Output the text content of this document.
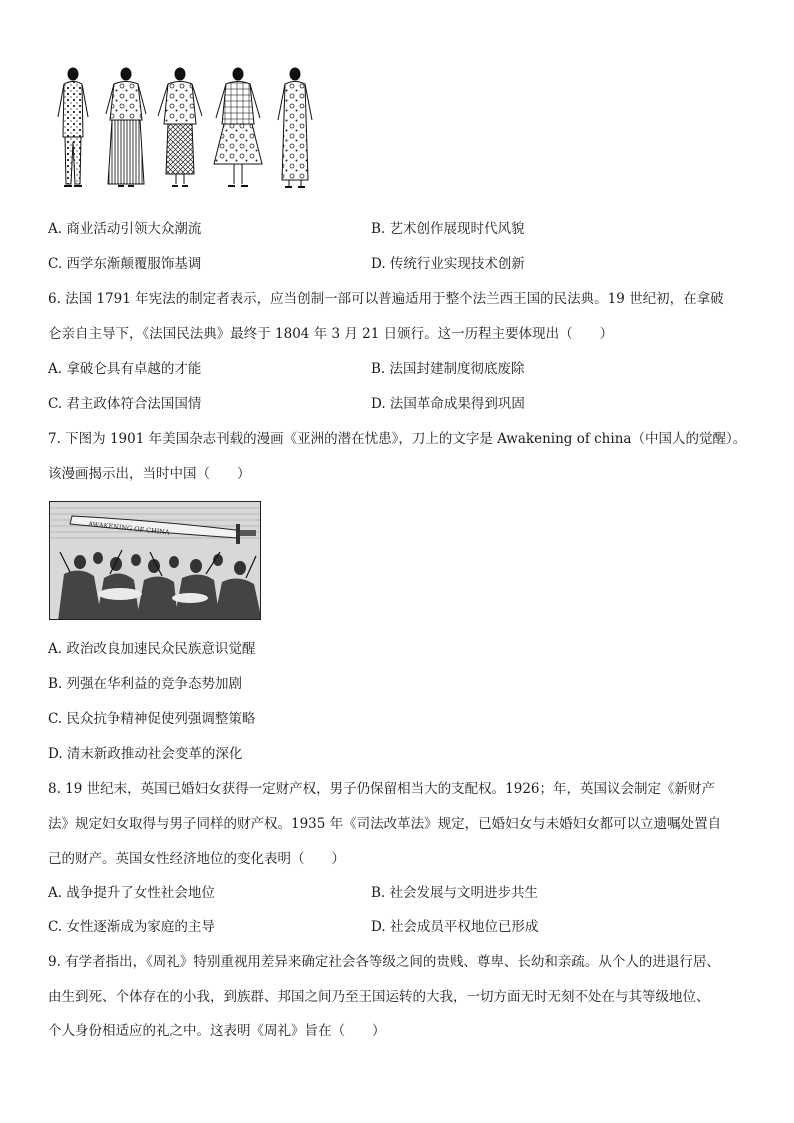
A. 商业活动引领大众潮流	B. 艺术创作展现时代风貌
C. 西学东渐颠覆服饰基调	D. 传统行业实现技术创新
6. 法国 1791 年宪法的制定者表示，应当创制一部可以普遍适用于整个法兰西王国的民法典。19 世纪初，在拿破
仑亲自主导下，《法国民法典》最终于 1804 年 3 月 21 日颁行。这一历程主要体现出（　　）
A. 拿破仑具有卓越的才能	B. 法国封建制度彻底废除
C. 君主政体符合法国国情	D. 法国革命成果得到巩固
7. 下图为 1901 年美国杂志刊载的漫画《亚洲的潜在忧患》，刀上的文字是 Awakening of china（中国人的觉醒）。
该漫画揭示出，当时中国（　　）
AWAKENING OF CHINA
A. 政治改良加速民众民族意识觉醒
B. 列强在华利益的竞争态势加剧
C. 民众抗争精神促使列强调整策略
D. 清末新政推动社会变革的深化
8. 19 世纪末，英国已婚妇女获得一定财产权，男子仍保留相当大的支配权。1926；年，英国议会制定《新财产
法》规定妇女取得与男子同样的财产权。1935 年《司法改革法》规定，已婚妇女与未婚妇女都可以立遗嘱处置自
己的财产。英国女性经济地位的变化表明（　　）
A. 战争提升了女性社会地位	B. 社会发展与文明进步共生
C. 女性逐渐成为家庭的主导	D. 社会成员平权地位已形成
9. 有学者指出，《周礼》特别重视用差异来确定社会各等级之间的贵贱、尊卑、长幼和亲疏。从个人的进退行居、
由生到死、个体存在的小我，到族群、邦国之间乃至王国运转的大我，一切方面无时无刻不处在与其等级地位、
个人身份相适应的礼之中。这表明《周礼》旨在（　　）
